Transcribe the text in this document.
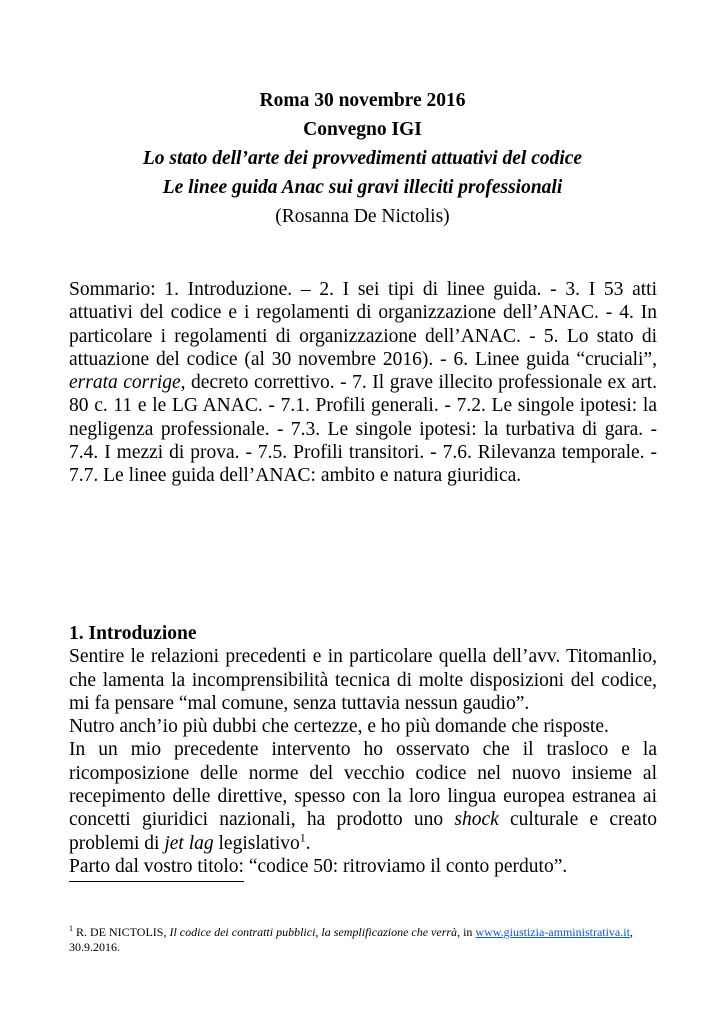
Roma 30 novembre 2016
Convegno IGI
Lo stato dell’arte dei provvedimenti attuativi del codice
Le linee guida Anac sui gravi illeciti professionali
(Rosanna De Nictolis)
Sommario: 1. Introduzione. – 2. I sei tipi di linee guida. - 3. I 53 atti
attuativi del codice e i regolamenti di organizzazione dell’ANAC. - 4. In
particolare i regolamenti di organizzazione dell’ANAC. - 5. Lo stato di
attuazione del codice (al 30 novembre 2016). - 6. Linee guida “cruciali”,
errata corrige, decreto correttivo. - 7. Il grave illecito professionale ex art.
80 c. 11 e le LG ANAC. - 7.1. Profili generali. - 7.2. Le singole ipotesi: la
negligenza professionale. - 7.3. Le singole ipotesi: la turbativa di gara. -
7.4. I mezzi di prova. - 7.5. Profili transitori. - 7.6. Rilevanza temporale. -
7.7. Le linee guida dell’ANAC: ambito e natura giuridica.
1. Introduzione
Sentire le relazioni precedenti e in particolare quella dell’avv. Titomanlio,
che lamenta la incomprensibilità tecnica di molte disposizioni del codice,
mi fa pensare “mal comune, senza tuttavia nessun gaudio”.
Nutro anch’io più dubbi che certezze, e ho più domande che risposte.
In un mio precedente intervento ho osservato che il trasloco e la
ricomposizione delle norme del vecchio codice nel nuovo insieme al
recepimento delle direttive, spesso con la loro lingua europea estranea ai
concetti giuridici nazionali, ha prodotto uno shock culturale e creato
problemi di jet lag legislativo$^1$.
Parto dal vostro titolo: “codice 50: ritroviamo il conto perduto”.
$^1$ R. DE NICTOLIS, Il codice dei contratti pubblici, la semplificazione che verrà, in www.giustizia-amministrativa.it,
30.9.2016.
